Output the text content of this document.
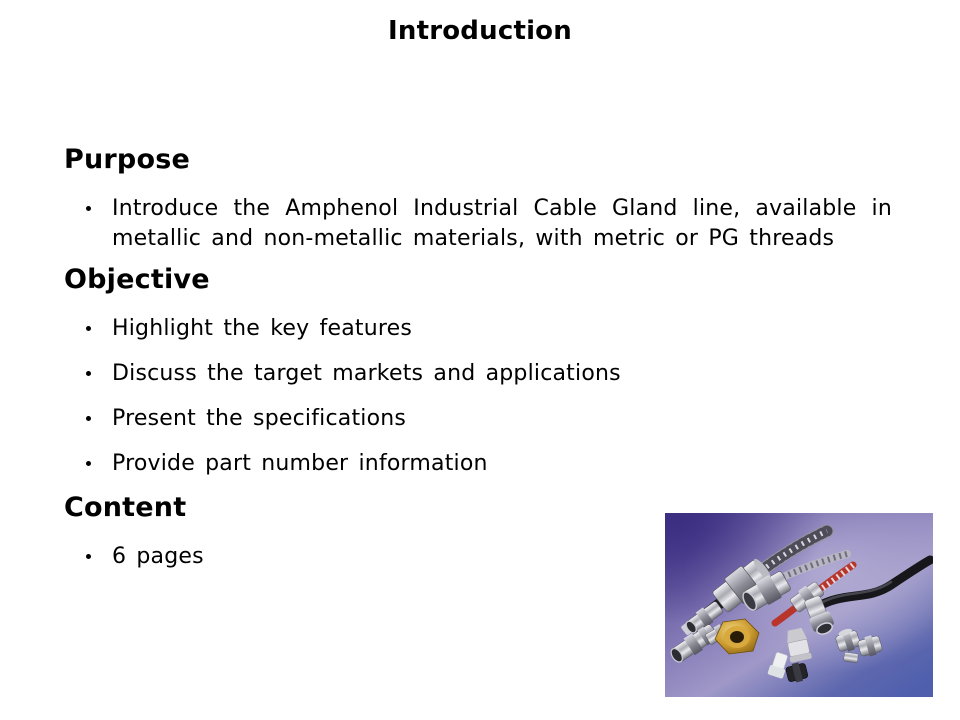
Introduction
Purpose
Introduce the Amphenol Industrial Cable Gland line, available in metallic and non-metallic materials, with metric or PG threads
Objective
Highlight the key features
Discuss the target markets and applications
Present the specifications
Provide part number information
Content
6 pages
